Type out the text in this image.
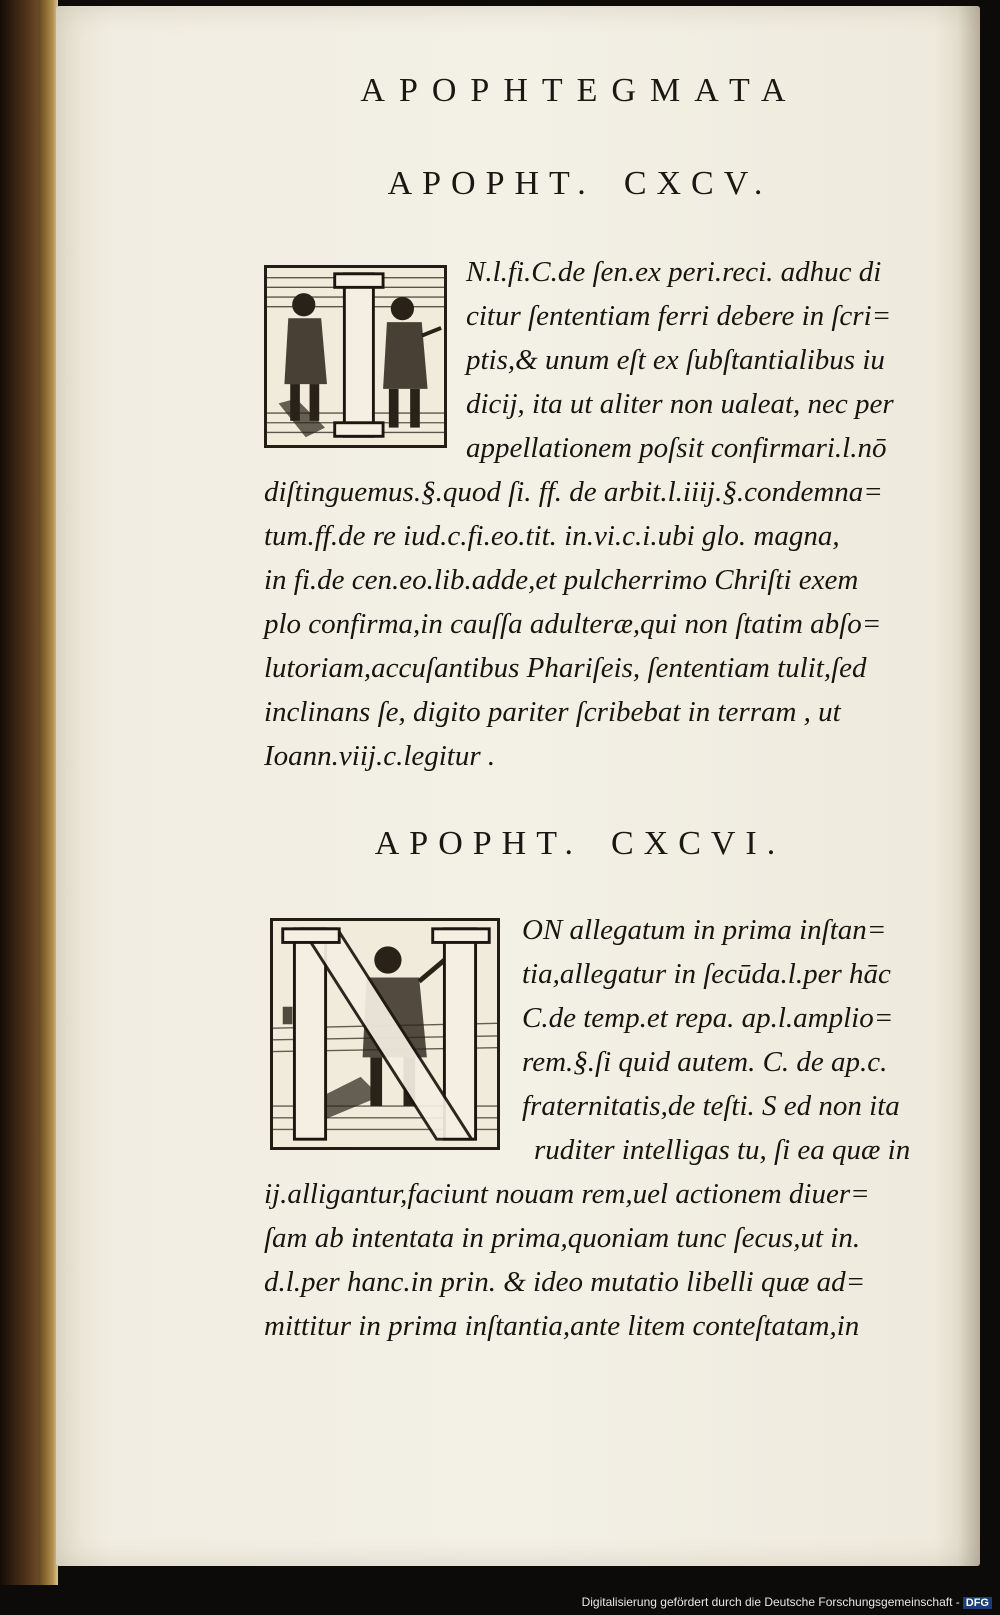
APOPHTEGMATA
APOPHT. CXCV.
N.l.fi.C.de ſen.ex peri.reci. adhuc di
citur ſententiam ferri debere in ſcri=
ptis,& unum eſt ex ſubſtantialibus iu
dicij, ita ut aliter non ualeat, nec per
appellationem poſsit confirmari.l.nō
diſtinguemus.§.quod ſi. ff. de arbit.l.iiij.§.condemna=
tum.ff.de re iud.c.fi.eo.tit. in.vi.c.i.ubi glo. magna,
in fi.de cen.eo.lib.adde,et pulcherrimo Chriſti exem
plo confirma,in cauſſa adulteræ,qui non ſtatim abſo=
lutoriam,accuſantibus Phariſeis, ſententiam tulit,ſed
inclinans ſe, digito pariter ſcribebat in terram , ut
Ioann.viij.c.legitur .
APOPHT. CXCVI.
ON allegatum in prima inſtan=
tia,allegatur in ſecūda.l.per hāc
C.de temp.et repa. ap.l.amplio=
rem.§.ſi quid autem. C. de ap.c.
fraternitatis,de teſti. S ed non ita
ruditer intelligas tu, ſi ea quæ in
ij.alligantur,faciunt nouam rem,uel actionem diuer=
ſam ab intentata in prima,quoniam tunc ſecus,ut in.
d.l.per hanc.in prin. & ideo mutatio libelli quæ ad=
mittitur in prima inſtantia,ante litem conteſtatam,in
Digitalisierung gefördert durch die Deutsche Forschungsgemeinschaft - DFG
